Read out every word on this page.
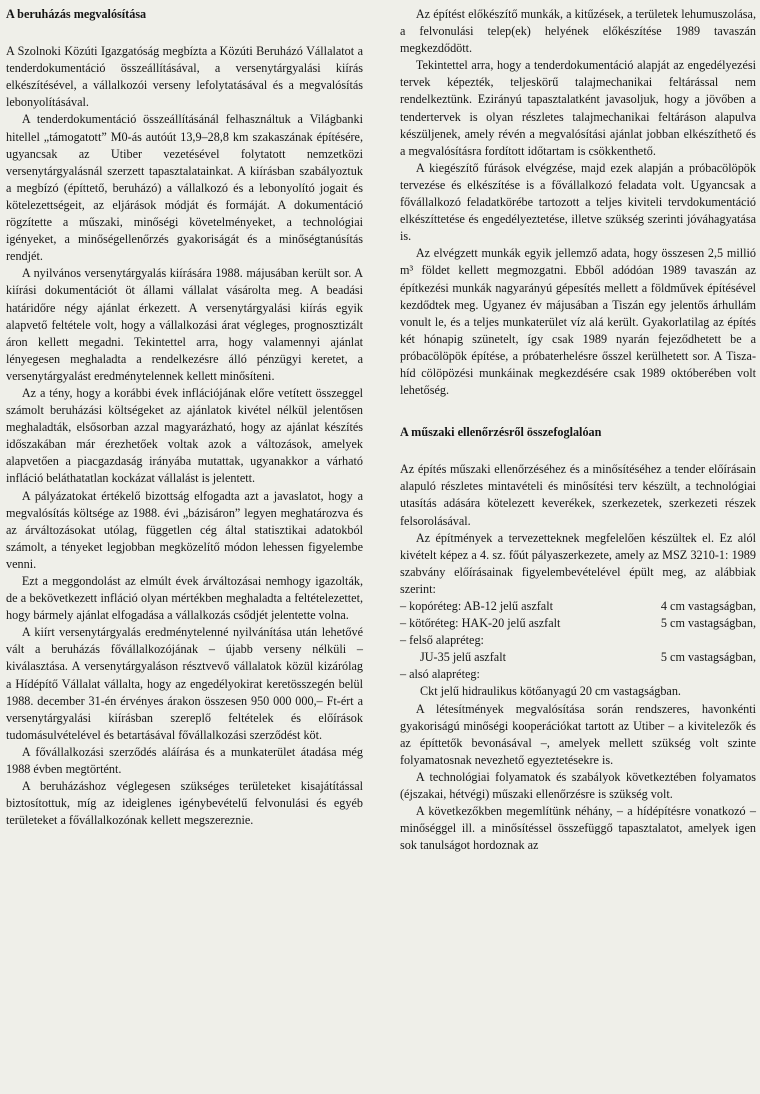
A beruházás megvalósítása

A Szolnoki Közúti Igazgatóság megbízta a Közúti Beruházó Vállalatot a tenderdokumentáció összeállításával, a versenytárgyalási kiírás elkészítésével, a vállalkozói verseny lefolytatásával és a megvalósítás lebonyolításával.

A tenderdokumentáció összeállításánál felhasználtuk a Világbanki hitellel „támogatott” M0-ás autóút 13,9–28,8 km szakaszának építésére, ugyancsak az Utiber vezetésével folytatott nemzetközi versenytárgyalásnál szerzett tapasztalatainkat. A kiírásban szabályoztuk a megbízó (építtető, beruházó) a vállalkozó és a lebonyolító jogait és kötelezettségeit, az eljárások módját és formáját. A dokumentáció rögzítette a műszaki, minőségi követelményeket, a technológiai igényeket, a minőségellenőrzés gyakoriságát és a minőségtanúsítás rendjét.

A nyilvános versenytárgyalás kiírására 1988. májusában került sor. A kiírási dokumentációt öt állami vállalat vásárolta meg. A beadási határidőre négy ajánlat érkezett. A versenytárgyalási kiírás egyik alapvető feltétele volt, hogy a vállalkozási árat végleges, prognosztizált áron kellett megadni. Tekintettel arra, hogy valamennyi ajánlat lényegesen meghaladta a rendelkezésre álló pénzügyi keretet, a versenytárgyalást eredménytelennek kellett minősíteni.

Az a tény, hogy a korábbi évek inflációjának előre vetített összeggel számolt beruházási költségeket az ajánlatok kivétel nélkül jelentősen meghaladták, elsősorban azzal magyarázható, hogy az ajánlat készítés időszakában már érezhetőek voltak azok a változások, amelyek alapvetően a piacgazdaság irányába mutattak, ugyanakkor a várható infláció beláthatatlan kockázat vállalást is jelentett.

A pályázatokat értékelő bizottság elfogadta azt a javaslatot, hogy a megvalósítás költsége az 1988. évi „bázisáron” legyen meghatározva és az árváltozásokat utólag, független cég által statisztikai adatokból számolt, a tényeket legjobban megközelítő módon lehessen figyelembe venni.

Ezt a meggondolást az elmúlt évek árváltozásai nemhogy igazolták, de a bekövetkezett infláció olyan mértékben meghaladta a feltételezettet, hogy bármely ajánlat elfogadása a vállalkozás csődjét jelentette volna.

A kiírt versenytárgyalás eredménytelenné nyilvánítása után lehetővé vált a beruházás fővállalkozójának – újabb verseny nélküli – kiválasztása. A versenytárgyaláson résztvevő vállalatok közül kizárólag a Hídépítő Vállalat vállalta, hogy az engedélyokirat keretösszegén belül 1988. december 31-én érvényes árakon összesen 950 000 000,– Ft-ért a versenytárgyalási kiírásban szereplő feltételek és előírások tudomásulvételével és betartásával fővállalkozási szerződést köt.

A fővállalkozási szerződés aláírása és a munkaterület átadása még 1988 évben megtörtént.

A beruházáshoz véglegesen szükséges területeket kisajátítással biztosítottuk, míg az ideiglenes igénybevételű felvonulási és egyéb területeket a fővállalkozónak kellett megszereznie.

Az építést előkészítő munkák, a kitűzések, a területek lehumuszolása, a felvonulási telep(ek) helyének előkészítése 1989 tavaszán megkezdődött.

Tekintettel arra, hogy a tenderdokumentáció alapját az engedélyezési tervek képezték, teljeskörű talajmechanikai feltárással nem rendelkeztünk. Ezirányú tapasztalatként javasoljuk, hogy a jövőben a tendertervek is olyan részletes talajmechanikai feltáráson alapulva készüljenek, amely révén a megvalósítási ajánlat jobban elkészíthető és a megvalósításra fordított időtartam is csökkenthető.

A kiegészítő fúrások elvégzése, majd ezek alapján a próbacölöpök tervezése és elkészítése is a fővállalkozó feladata volt. Ugyancsak a fővállalkozó feladatkörébe tartozott a teljes kiviteli tervdokumentáció elkészíttetése és engedélyeztetése, illetve szükség szerinti jóváhagyatása is.

Az elvégzett munkák egyik jellemző adata, hogy összesen 2,5 millió m³ földet kellett megmozgatni. Ebből adódóan 1989 tavaszán az építkezési munkák nagyarányú gépesítés mellett a földművek építésével kezdődtek meg. Ugyanez év májusában a Tiszán egy jelentős árhullám vonult le, és a teljes munkaterület víz alá került. Gyakorlatilag az építés két hónapig szünetelt, így csak 1989 nyarán fejeződhetett be a próbacölöpök építése, a próbaterhelésre ősszel kerülhetett sor. A Tisza-híd cölöpözési munkáinak megkezdésére csak 1989 októberében volt lehetőség.

A műszaki ellenőrzésről összefoglalóan

Az építés műszaki ellenőrzéséhez és a minősítéséhez a tender előírásain alapuló részletes mintavételi és minősítési terv készült, a technológiai utasítás adására kötelezett keverékek, szerkezetek, szerkezeti részek felsorolásával.

Az építmények a tervezetteknek megfelelően készültek el. Ez alól kivételt képez a 4. sz. főút pályaszerkezete, amely az MSZ 3210-1: 1989 szabvány előírásainak figyelembevételével épült meg, az alábbiak szerint:

– kopóréteg: AB-12 jelű aszfalt	4 cm vastagságban,
– kötőréteg: HAK-20 jelű aszfalt	5 cm vastagságban,
– felső alapréteg:
JU-35 jelű aszfalt	5 cm vastagságban,
– alsó alapréteg:
Ckt jelű hidraulikus kötőanyagú 20 cm vastagságban.

A létesítmények megvalósítása során rendszeres, havonkénti gyakoriságú minőségi kooperációkat tartott az Utiber – a kivitelezők és az építtetők bevonásával –, amelyek mellett szükség volt szinte folyamatosnak nevezhető egyeztetésekre is.

A technológiai folyamatok és szabályok következtében folyamatos (éjszakai, hétvégi) műszaki ellenőrzésre is szükség volt.

A következőkben megemlítünk néhány, – a hídépítésre vonatkozó – minőséggel ill. a minősítéssel összefüggő tapasztalatot, amelyek igen sok tanulságot hordoznak az
